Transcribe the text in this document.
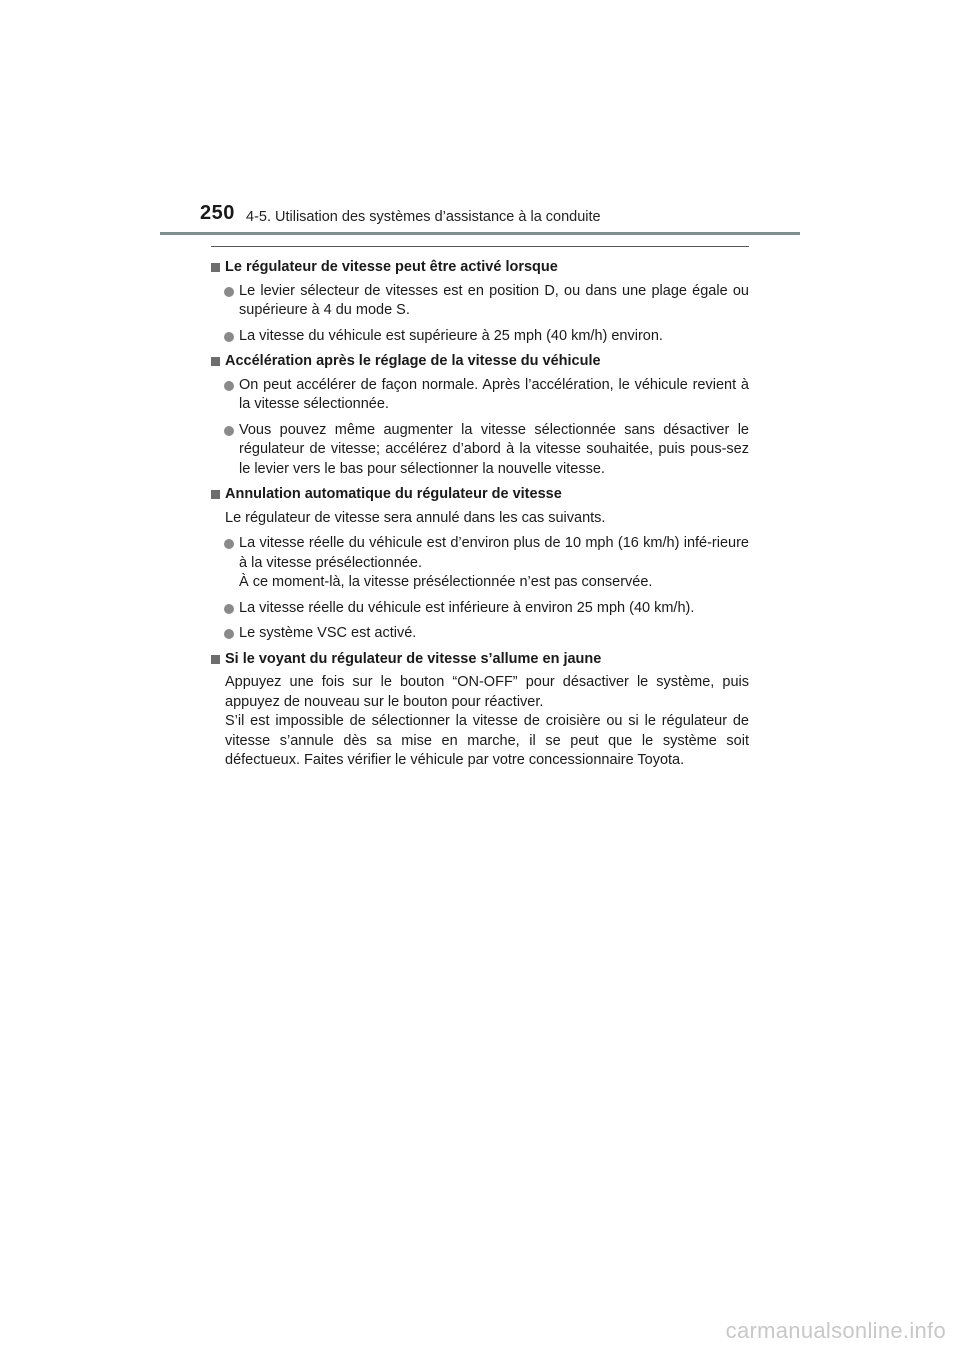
250 4-5. Utilisation des systèmes d’assistance à la conduite
Le régulateur de vitesse peut être activé lorsque
Le levier sélecteur de vitesses est en position D, ou dans une plage égale ou supérieure à 4 du mode S.
La vitesse du véhicule est supérieure à 25 mph (40 km/h) environ.
Accélération après le réglage de la vitesse du véhicule
On peut accélérer de façon normale. Après l’accélération, le véhicule revient à la vitesse sélectionnée.
Vous pouvez même augmenter la vitesse sélectionnée sans désactiver le régulateur de vitesse; accélérez d’abord à la vitesse souhaitée, puis pous-sez le levier vers le bas pour sélectionner la nouvelle vitesse.
Annulation automatique du régulateur de vitesse
Le régulateur de vitesse sera annulé dans les cas suivants.
La vitesse réelle du véhicule est d’environ plus de 10 mph (16 km/h) infé-rieure à la vitesse présélectionnée.
À ce moment-là, la vitesse présélectionnée n’est pas conservée.
La vitesse réelle du véhicule est inférieure à environ 25 mph (40 km/h).
Le système VSC est activé.
Si le voyant du régulateur de vitesse s’allume en jaune
Appuyez une fois sur le bouton “ON-OFF” pour désactiver le système, puis appuyez de nouveau sur le bouton pour réactiver.
S’il est impossible de sélectionner la vitesse de croisière ou si le régulateur de vitesse s’annule dès sa mise en marche, il se peut que le système soit défectueux. Faites vérifier le véhicule par votre concessionnaire Toyota.
carmanualsonline.info
